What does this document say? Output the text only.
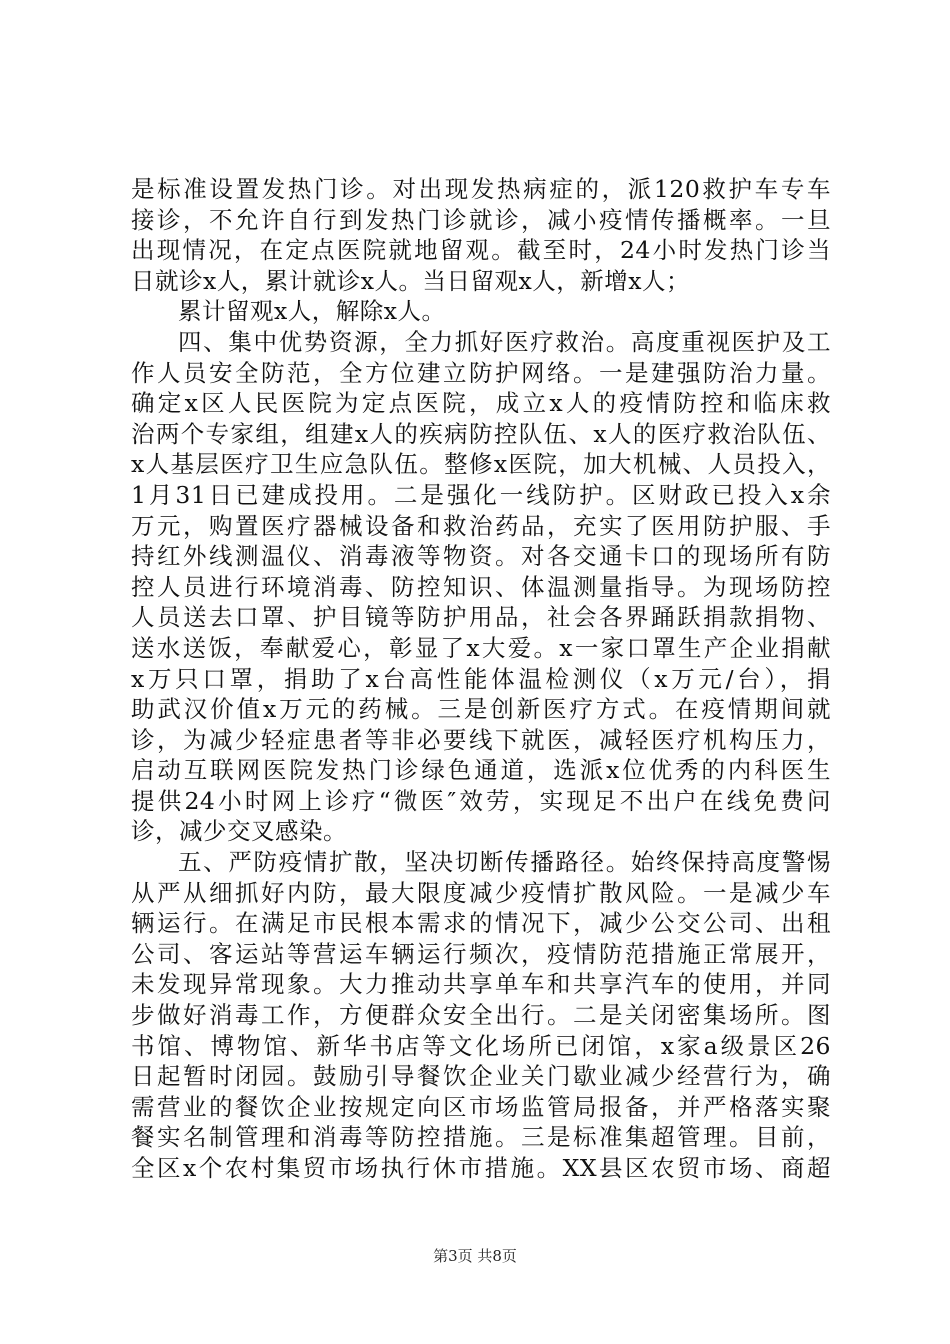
是标准设置发热门诊。对出现发热病症的，派120救护车专车
接诊，不允许自行到发热门诊就诊，减小疫情传播概率。一旦
出现情况，在定点医院就地留观。截至时，24小时发热门诊当
日就诊x人，累计就诊x人。当日留观x人，新增x人；
累计留观x人，解除x人。
四、集中优势资源，全力抓好医疗救治。高度重视医护及工
作人员安全防范，全方位建立防护网络。一是建强防治力量。
确定x区人民医院为定点医院，成立x人的疫情防控和临床救
治两个专家组，组建x人的疾病防控队伍、x人的医疗救治队伍、
x人基层医疗卫生应急队伍。整修x医院，加大机械、人员投入，
1月31日已建成投用。二是强化一线防护。区财政已投入x余
万元，购置医疗器械设备和救治药品，充实了医用防护服、手
持红外线测温仪、消毒液等物资。对各交通卡口的现场所有防
控人员进行环境消毒、防控知识、体温测量指导。为现场防控
人员送去口罩、护目镜等防护用品，社会各界踊跃捐款捐物、
送水送饭，奉献爱心，彰显了x大爱。x一家口罩生产企业捐献
x万只口罩，捐助了x台高性能体温检测仪（x万元/台），捐
助武汉价值x万元的药械。三是创新医疗方式。在疫情期间就
诊，为减少轻症患者等非必要线下就医，减轻医疗机构压力，
启动互联网医院发热门诊绿色通道，选派x位优秀的内科医生
提供24小时网上诊疗“微医″效劳，实现足不出户在线免费问
诊，减少交叉感染。
五、严防疫情扩散，坚决切断传播路径。始终保持高度警惕
从严从细抓好内防，最大限度减少疫情扩散风险。一是减少车
辆运行。在满足市民根本需求的情况下，减少公交公司、出租
公司、客运站等营运车辆运行频次，疫情防范措施正常展开，
未发现异常现象。大力推动共享单车和共享汽车的使用，并同
步做好消毒工作，方便群众安全出行。二是关闭密集场所。图
书馆、博物馆、新华书店等文化场所已闭馆，x家a级景区26
日起暂时闭园。鼓励引导餐饮企业关门歇业减少经营行为，确
需营业的餐饮企业按规定向区市场监管局报备，并严格落实聚
餐实名制管理和消毒等防控措施。三是标准集超管理。目前，
全区x个农村集贸市场执行休市措施。XX县区农贸市场、商超
第3页 共8页
